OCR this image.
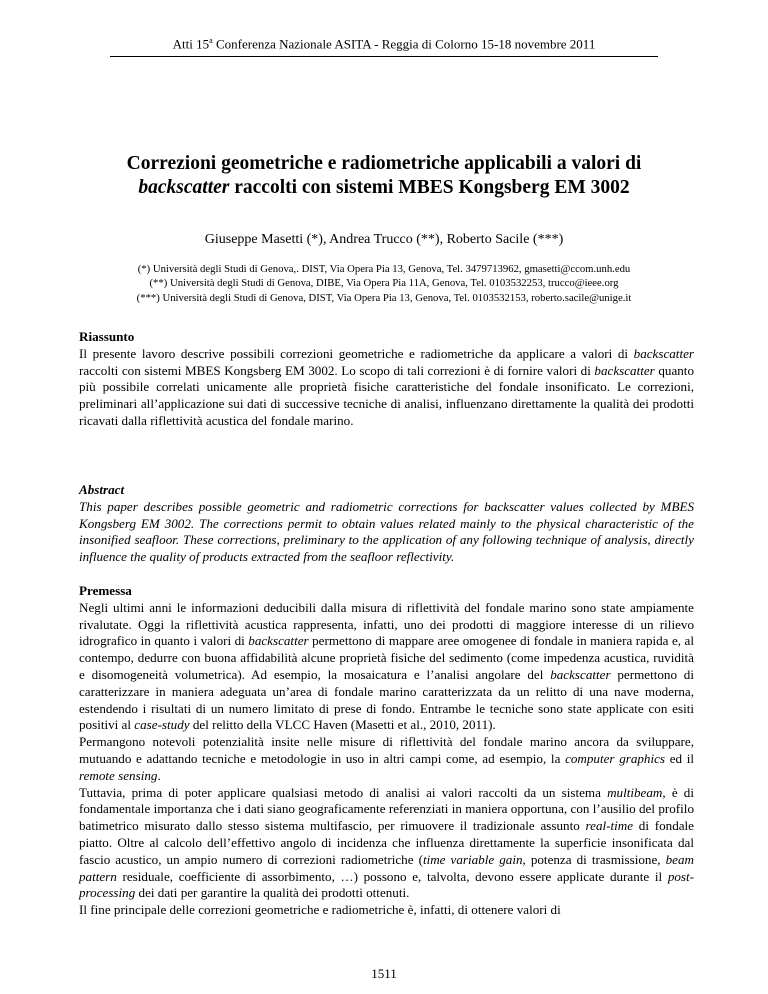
Atti 15$^a$ Conferenza Nazionale ASITA - Reggia di Colorno 15-18 novembre 2011
Correzioni geometriche e radiometriche applicabili a valori di
backscatter raccolti con sistemi MBES Kongsberg EM 3002
Giuseppe Masetti (*), Andrea Trucco (**), Roberto Sacile (***)
(*) Università degli Studi di Genova,. DIST, Via Opera Pia 13, Genova, Tel. 3479713962, gmasetti@ccom.unh.edu
(**) Università degli Studi di Genova, DIBE, Via Opera Pia 11A, Genova, Tel. 0103532253, trucco@ieee.org
(***) Università degli Studi di Genova, DIST, Via Opera Pia 13, Genova, Tel. 0103532153, roberto.sacile@unige.it
Riassunto

Il presente lavoro descrive possibili correzioni geometriche e radiometriche da applicare a valori di backscatter raccolti con sistemi MBES Kongsberg EM 3002. Lo scopo di tali correzioni è di fornire valori di backscatter quanto più possibile correlati unicamente alle proprietà fisiche caratteristiche del fondale insonificato. Le correzioni, preliminari all’applicazione sui dati di successive tecniche di analisi, influenzano direttamente la qualità dei prodotti ricavati dalla riflettività acustica del fondale marino.

Abstract

This paper describes possible geometric and radiometric corrections for backscatter values collected by MBES Kongsberg EM 3002. The corrections permit to obtain values related mainly to the physical characteristic of the insonified seafloor. These corrections, preliminary to the application of any following technique of analysis, directly influence the quality of products extracted from the seafloor reflectivity.

Premessa

Negli ultimi anni le informazioni deducibili dalla misura di riflettività del fondale marino sono state ampiamente rivalutate. Oggi la riflettività acustica rappresenta, infatti, uno dei prodotti di maggiore interesse di un rilievo idrografico in quanto i valori di backscatter permettono di mappare aree omogenee di fondale in maniera rapida e, al contempo, dedurre con buona affidabilità alcune proprietà fisiche del sedimento (come impedenza acustica, ruvidità e disomogeneità volumetrica). Ad esempio, la mosaicatura e l’analisi angolare del backscatter permettono di caratterizzare in maniera adeguata un’area di fondale marino caratterizzata da un relitto di una nave moderna, estendendo i risultati di un numero limitato di prese di fondo. Entrambe le tecniche sono state applicate con esiti positivi al case-study del relitto della VLCC Haven (Masetti et al., 2010, 2011).
Permangono notevoli potenzialità insite nelle misure di riflettività del fondale marino ancora da sviluppare, mutuando e adattando tecniche e metodologie in uso in altri campi come, ad esempio, la computer graphics ed il remote sensing.
Tuttavia, prima di poter applicare qualsiasi metodo di analisi ai valori raccolti da un sistema multibeam, è di fondamentale importanza che i dati siano geograficamente referenziati in maniera opportuna, con l’ausilio del profilo batimetrico misurato dallo stesso sistema multifascio, per rimuovere il tradizionale assunto real-time di fondale piatto. Oltre al calcolo dell’effettivo angolo di incidenza che influenza direttamente la superficie insonificata dal fascio acustico, un ampio numero di correzioni radiometriche (time variable gain, potenza di trasmissione, beam pattern residuale, coefficiente di assorbimento, …) possono e, talvolta, devono essere applicate durante il post-processing dei dati per garantire la qualità dei prodotti ottenuti.
Il fine principale delle correzioni geometriche e radiometriche è, infatti, di ottenere valori di

1511
